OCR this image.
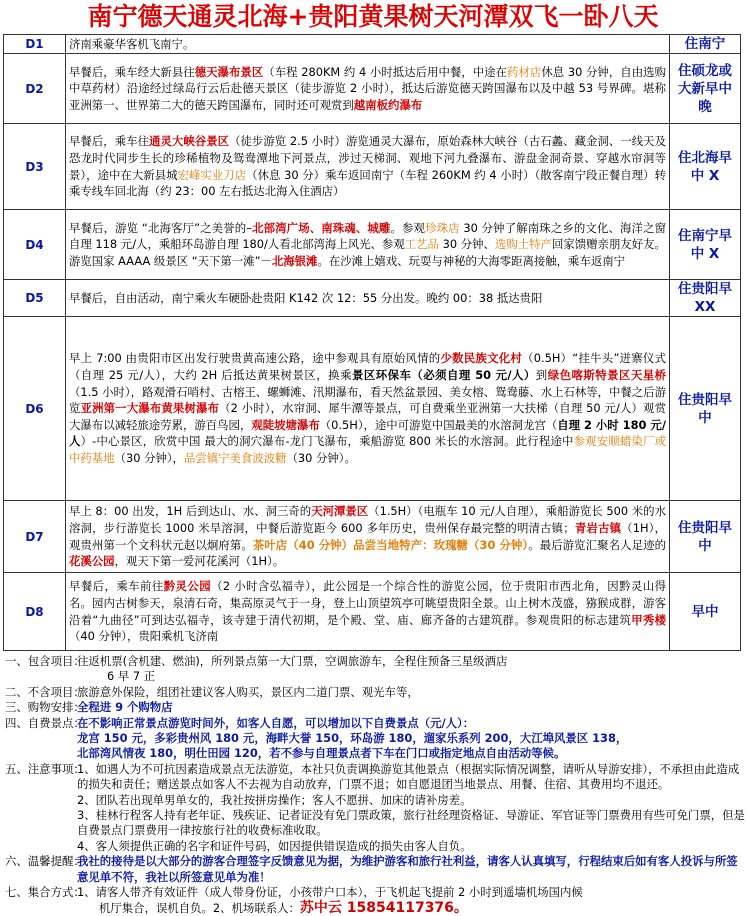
南宁德天通灵北海+贵阳黄果树天河潭双飞一卧八天
D1	济南乘豪华客机飞南宁。	住南宁
D2	早餐后，乘车经大新县往德天瀑布景区（车程 280KM 约 4 小时抵达后用中餐，中途在药材店休息 30 分钟，自由选购中草药材）沿途经过绿岛行云后赴德天景区（徒步游览 2 小时），抵达后游览德天跨国瀑布以及中越 53 号界碑。堪称亚洲第一、世界第二大的德天跨国瀑布，同时还可观赏到越南板约瀑布	住硕龙或大新早中晚
D3	早餐后，乘车往通灵大峡谷景区（徒步游览 2.5 小时）游览通灵大瀑布，原始森林大峡谷（古石蠡、藏金洞、一线天及恐龙时代同步生长的珍稀植物及鸳鸯潭地下河景点，涉过天梯洞、观地下河九叠瀑布、游盘金洞奇景、穿越水帘洞等景），途中在大新县城宏峰实业刀店（休息 30 分）乘车返回南宁（车程 260KM 约 4 小时）（散客南宁段正餐自理）转乘专线车回北海（约 23：00 左右抵达北海入住酒店）	住北海早中 X
D4	早餐后，游览 “北海客厅”之美誉的–北部湾广场、南珠魂、城雕。参观珍珠店 30 分钟了解南珠之乡的文化、海洋之窗自理 118 元/人，乘船环岛游自理 180/人看北部湾海上风光、参观工艺品 30 分钟、选购土特产回家馈赠亲朋友好友。游览国家 AAAA 级景区 “天下第一滩”－北海银滩。在沙滩上嬉戏、玩耍与神秘的大海零距离接触，乘车返南宁	住南宁早中 X
D5	早餐后，自由活动，南宁乘火车硬卧赴贵阳 K142 次 12：55 分出发。晚约 00：38 抵达贵阳	住贵阳早 XX
D6	早上 7:00 由贵阳市区出发行驶贵黄高速公路，途中参观具有原始风情的少数民族文化村（0.5H）“挂牛头”迸寨仪式（自理 25 元/人），大约 2H 后抵达黄果树景区，换乘景区环保车（必须自理 50 元/人）到绿色喀斯特景区天星桥（1.5 小时），路观滑石哨村、古榕王、螺蛳滩、汛期瀑布，看天然盆景园、美女榕、鸳鸯藤、水上石林等，中餐之后游览亚洲第一大瀑布黄果树瀑布（2 小时），水帘洞、犀牛潭等景点，可自费乘坐亚洲第一大扶梯（自理 50 元/人）观赏大瀑布以减轻旅途劳累，游百鸟园，观陡坡塘瀑布（0.5H），途中可游览中国最美的水溶洞龙宫（自理 2 小时 180 元/人）-中心景区，欣赏中国 最大的洞穴瀑布-龙门飞瀑布，乘船游览 800 米长的水溶洞。此行程途中参观安顺蜡染厂或中药基地（30 分钟），品尝镇宁美食波波糖（30 分钟）。	住贵阳早中
D7	早上 8：00 出发，1H 后到达山、水、洞三奇的天河潭景区（1.5H）（电瓶车 10 元/人自理），乘船游览长 500 米的水溶洞，步行游览长 1000 米旱溶洞，中餐后游览距今 600 多年历史，贵州保存最完整的明清古镇；青岩古镇（1H），观贵州第一个文科状元赵以炯府第。茶叶店（40 分钟）品尝当地特产：玫瑰糖（30 分钟）。最后游览汇聚名人足迹的花溪公园，观天下第一爱河花溪河（1H）。	住贵阳早中
D8	早餐后，乘车前往黔灵公园（2 小时含弘福寺），此公园是一个综合性的游览公园，位于贵阳市西北角，因黔灵山得名。园内古树参天，泉清石奇，集高原灵气于一身，登上山顶望筑亭可眺望贵阳全景。山上树木茂盛，猕猴成群，游客沿着“九曲径”可到达弘福寺，该寺建于清代初期，是个殿、堂、庙、廊齐备的古建筑群。参观贵阳的标志建筑甲秀楼（40 分钟），贵阳乘机飞济南	早中
一、包含项目：
往返机票(含机建、燃油)，所列景点第一大门票，空调旅游车，全程住预备三星级酒店
6 早 7 正
二、不含项目：
旅游意外保险，组团社建议客人购买，景区内二道门票、观光车等，
三、购物安排：
全程进 9 个购物店
四、自费景点：
在不影响正常景点游览时间外，如客人自愿，可以增加以下自费景点（元/人）：
龙宫 150 元，多彩贵州风 180 元，海畔大誉 150，环岛游 180，遛家乐系列 200，大江埠风景区 138，
北部湾风情夜 180，明仕田园 120，若不参与自理景点者下车在门口或指定地点自由活动等候。
五、注意事项：
1、如遇人为不可抗因素造成景点无法游览，本社只负责调换游览其他景点（根据实际情况调整，请听从导游安排），不承担由此造成的损失和责任；赠送景点如客人不去视为自动放弃，门票不退；如自愿退团当地景点、用餐、住宿、其费用均不退还。
2、团队若出现单男单女的，我社按拼房操作；客人不愿拼、加床的请补房差。
3、桂林行程客人持有老年证、残疾证、记者证没有免门票政策，旅行社经理资格证、导游证、军官证等门票费用有些可免门票，但是自费景点门票费用一律按旅行社的收费标准收取。
4、客人须提供正确的名字和证件号码，如因提供错误造成的损失由客人自负。
六、温馨提醒：
我社的接待是以大部分的游客合理签字反馈意见为据，为维护游客和旅行社利益，请客人认真填写，行程结束后如有客人投诉与所签意见单不符，我社以所签意见单为准！
七、集合方式：
1、请客人带齐有效证件（成人带身份证，小孩带户口本），于飞机起飞提前 2 小时到遥墙机场国内候
机厅集合，误机自负。2、机场联系人：苏中云 15854117376。
